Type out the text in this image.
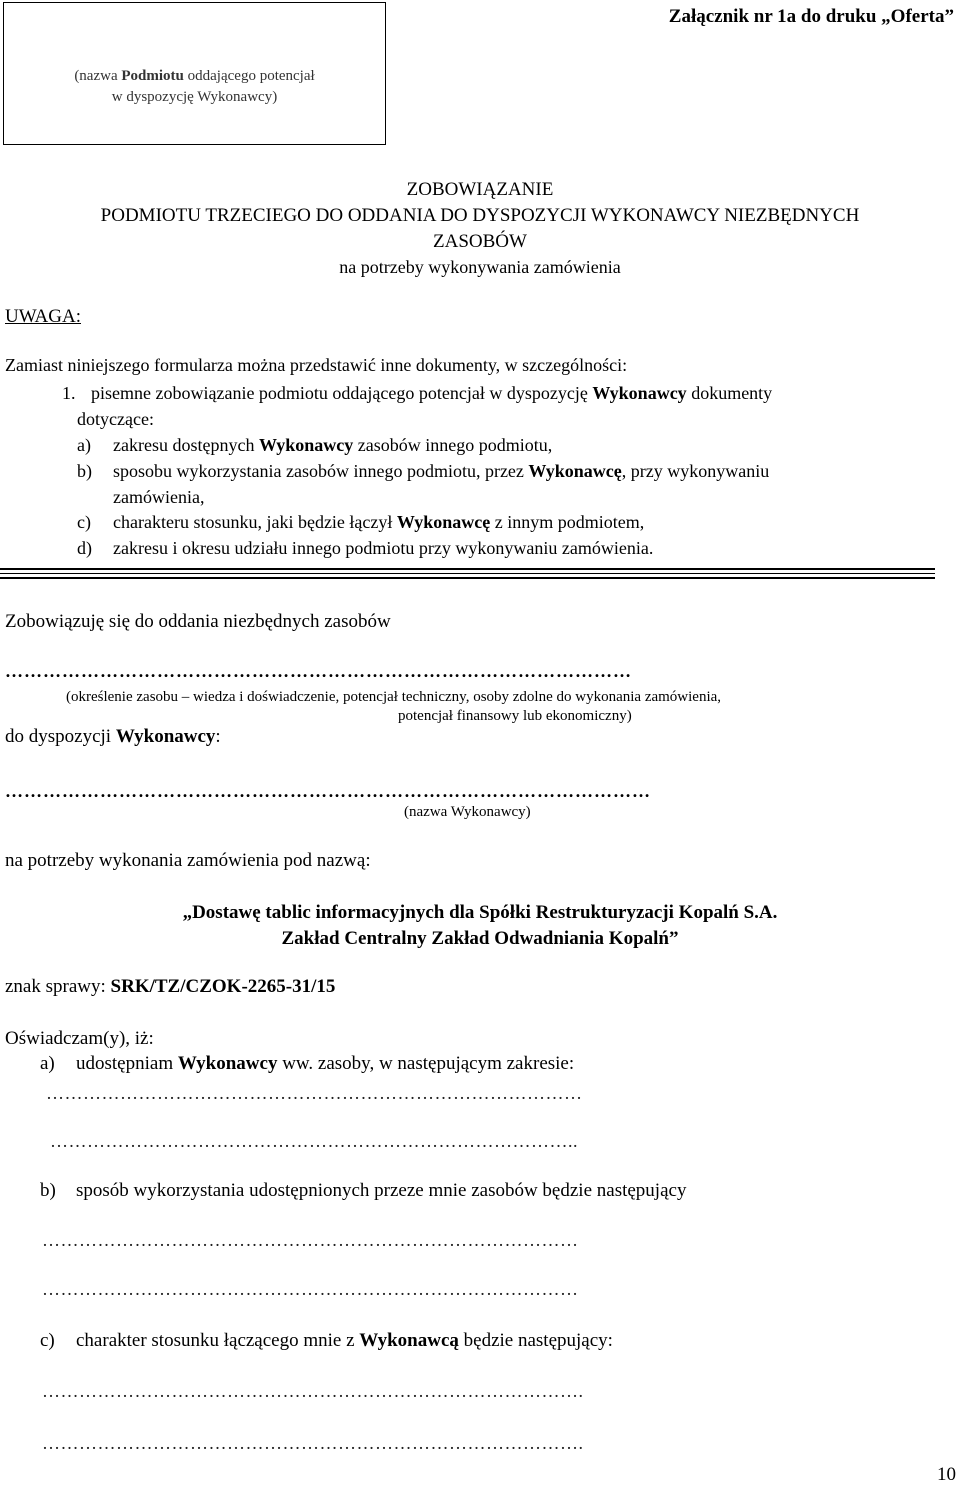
Załącznik nr 1a do druku „Oferta”
(nazwa Podmiotu oddającego potencjał
w dyspozycję Wykonawcy)
ZOBOWIĄZANIE
PODMIOTU TRZECIEGO DO ODDANIA DO DYSPOZYCJI WYKONAWCY NIEZBĘDNYCH
ZASOBÓW
na potrzeby wykonywania zamówienia
UWAGA:
Zamiast niniejszego formularza można przedstawić inne dokumenty, w szczególności:
1. pisemne zobowiązanie podmiotu oddającego potencjał w dyspozycję Wykonawcy dokumenty
dotyczące:
a) zakresu dostępnych Wykonawcy zasobów innego podmiotu,
b) sposobu wykorzystania zasobów innego podmiotu, przez Wykonawcę, przy wykonywaniu
zamówienia,
c) charakteru stosunku, jaki będzie łączył Wykonawcę z innym podmiotem,
d) zakresu i okresu udziału innego podmiotu przy wykonywaniu zamówienia.
Zobowiązuję się do oddania niezbędnych zasobów
………………………………………………………………………………………
(określenie zasobu – wiedza i doświadczenie, potencjał techniczny, osoby zdolne do wykonania zamówienia,
potencjał finansowy lub ekonomiczny)
do dyspozycji Wykonawcy:
…………………………………………………………………………………………
(nazwa Wykonawcy)
na potrzeby wykonania zamówienia pod nazwą:
„Dostawę tablic informacyjnych dla Spółki Restrukturyzacji Kopalń S.A.
Zakład Centralny Zakład Odwadniania Kopalń”
znak sprawy: SRK/TZ/CZOK-2265-31/15
Oświadczam(y), iż:
a) udostępniam Wykonawcy ww. zasoby, w następującym zakresie:
……………………………………………………………………………
…………………………………………………………………………..
b) sposób wykorzystania udostępnionych przeze mnie zasobów będzie następujący
……………………………………………………………………………
……………………………………………………………………………
c) charakter stosunku łączącego mnie z Wykonawcą będzie następujący:
…………………………………………………………………………….
…………………………………………………………………………….
10
